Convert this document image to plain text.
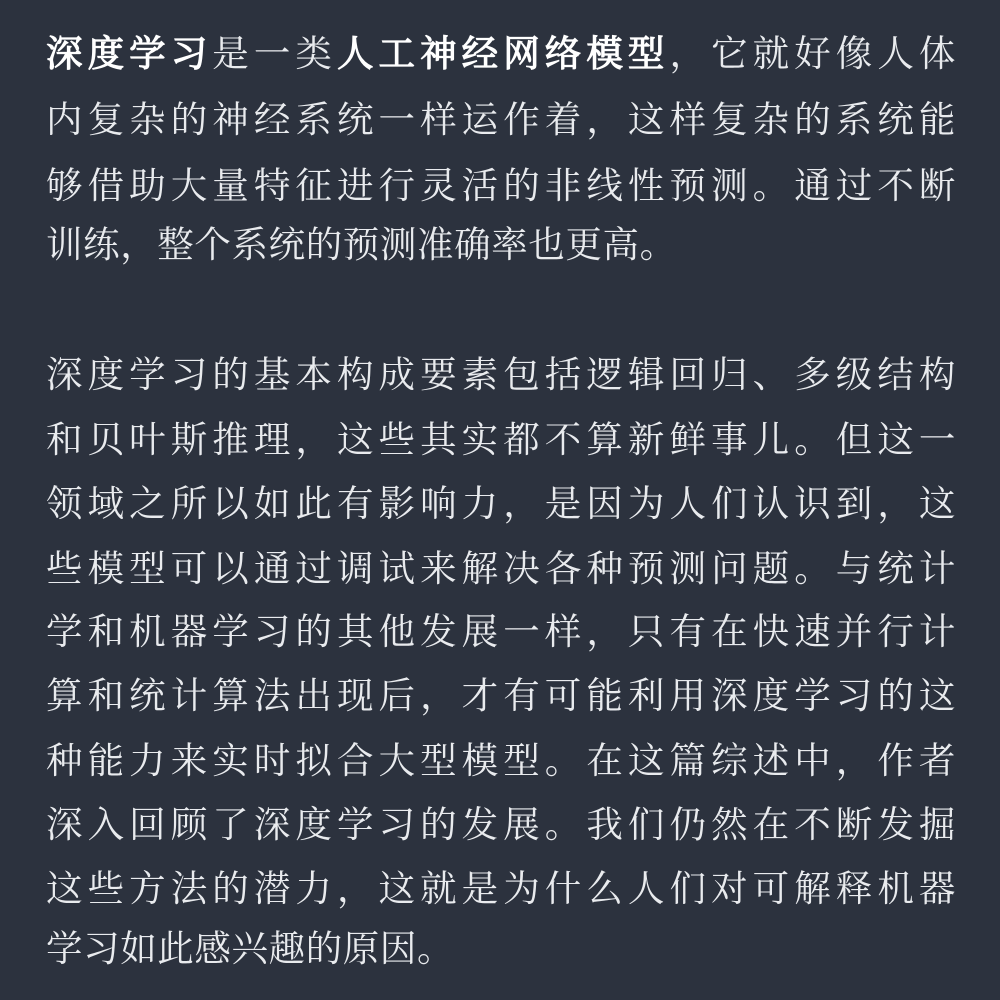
深度学习是一类人工神经网络模型，它就好像人体
内复杂的神经系统一样运作着，这样复杂的系统能
够借助大量特征进行灵活的非线性预测。通过不断
训练，整个系统的预测准确率也更高。
深度学习的基本构成要素包括逻辑回归、多级结构
和贝叶斯推理，这些其实都不算新鲜事儿。但这一
领域之所以如此有影响力，是因为人们认识到，这
些模型可以通过调试来解决各种预测问题。与统计
学和机器学习的其他发展一样，只有在快速并行计
算和统计算法出现后，才有可能利用深度学习的这
种能力来实时拟合大型模型。在这篇综述中，作者
深入回顾了深度学习的发展。我们仍然在不断发掘
这些方法的潜力，这就是为什么人们对可解释机器
学习如此感兴趣的原因。
